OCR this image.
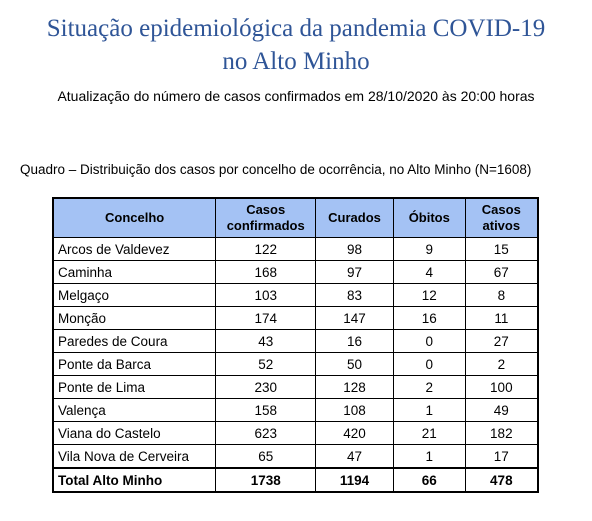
Situação epidemiológica da pandemia COVID-19
no Alto Minho
Atualização do número de casos confirmados em 28/10/2020 às 20:00 horas
Quadro – Distribuição dos casos por concelho de ocorrência, no Alto Minho (N=1608)
Concelho	Casos confirmados	Curados	Óbitos	Casos ativos

Arcos de Valdevez	122	98	9	15
Caminha	168	97	4	67
Melgaço	103	83	12	8
Monção	174	147	16	11
Paredes de Coura	43	16	0	27
Ponte da Barca	52	50	0	2
Ponte de Lima	230	128	2	100
Valença	158	108	1	49
Viana do Castelo	623	420	21	182
Vila Nova de Cerveira	65	47	1	17
Total Alto Minho	1738	1194	66	478
